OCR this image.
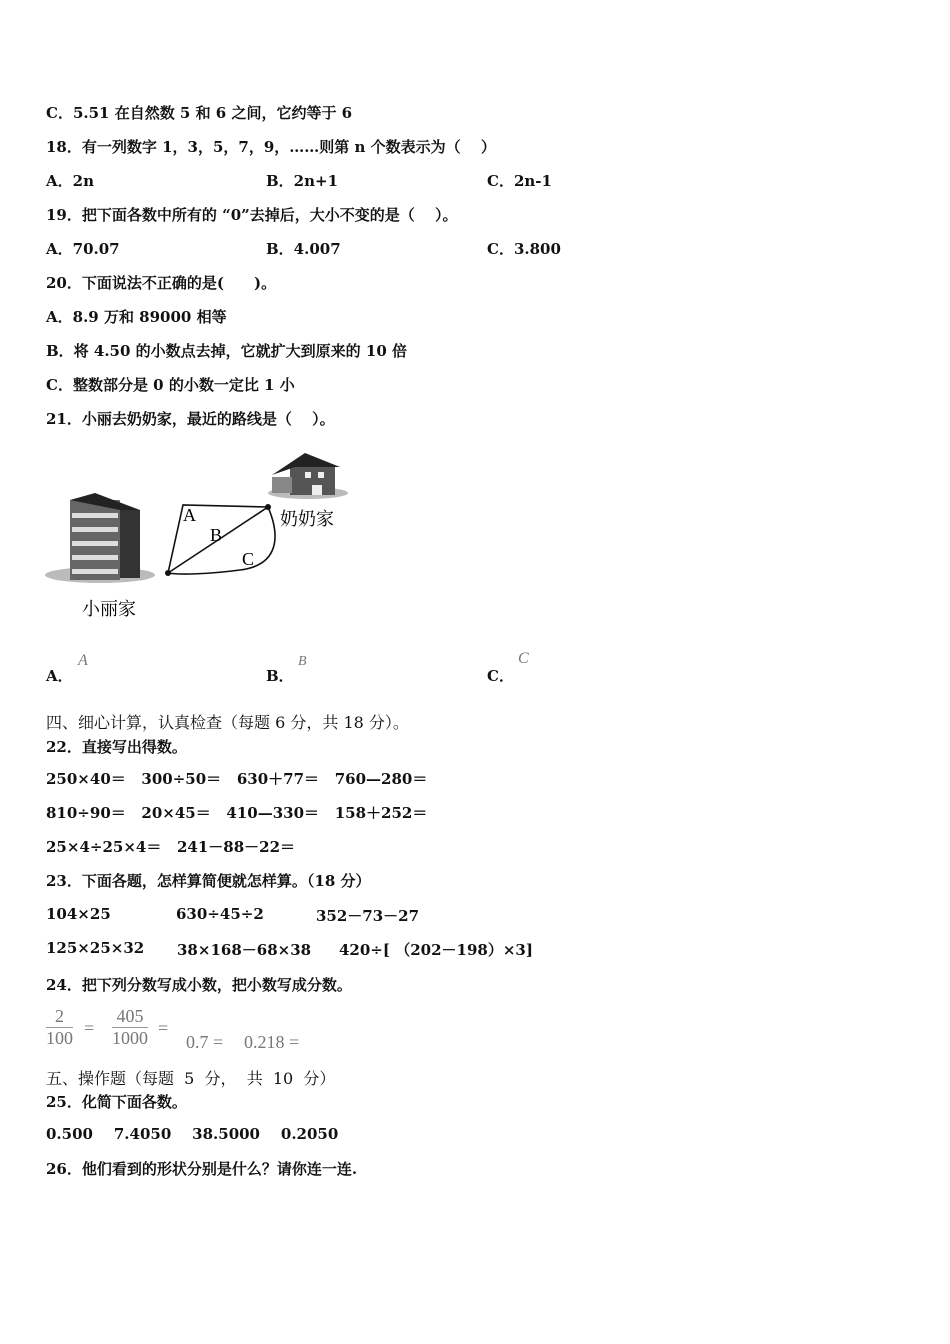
C．5.51 在自然数 5 和 6 之间，它约等于 6
18．有一列数字 1，3，5，7，9，……则第 n 个数表示为（　 ）
A．2n	B．2n+1	C．2n-1
19．把下面各数中所有的 “0”去掉后，大小不变的是（　 ）。
A．70.07	B．4.007	C．3.800
20．下面说法不正确的是(　　)。
A．8.9 万和 89000 相等
B．将 4.50 的小数点去掉，它就扩大到原来的 10 倍
C．整数部分是 0 的小数一定比 1 小
21．小丽去奶奶家，最近的路线是（　 ）。
A
B
C
奶奶家
小丽家
A．
A
B．
B
C．
C
四、细心计算，认真检查（每题 6 分，共 18 分）。
22．直接写出得数。
250×40＝   300÷50＝   630＋77＝   760—280＝
810÷90＝   20×45＝   410—330＝   158＋252＝
25×4÷25×4＝   241－88－22＝
23．下面各题，怎样算简便就怎样算。（18 分）
104×25	630÷45÷2	352－73－27
125×25×32 38×168－68×38 420÷[ （202－198）×3]
24．把下列分数写成小数，把小数写成分数。
$\frac{2}{100} = \frac{405}{1000}$ =
0.7 = 0.218 =
五、操作题（每题  5  分，  共  10  分）
25．化简下面各数。
0.500    7.4050    38.5000    0.2050
26．他们看到的形状分别是什么？请你连一连.
